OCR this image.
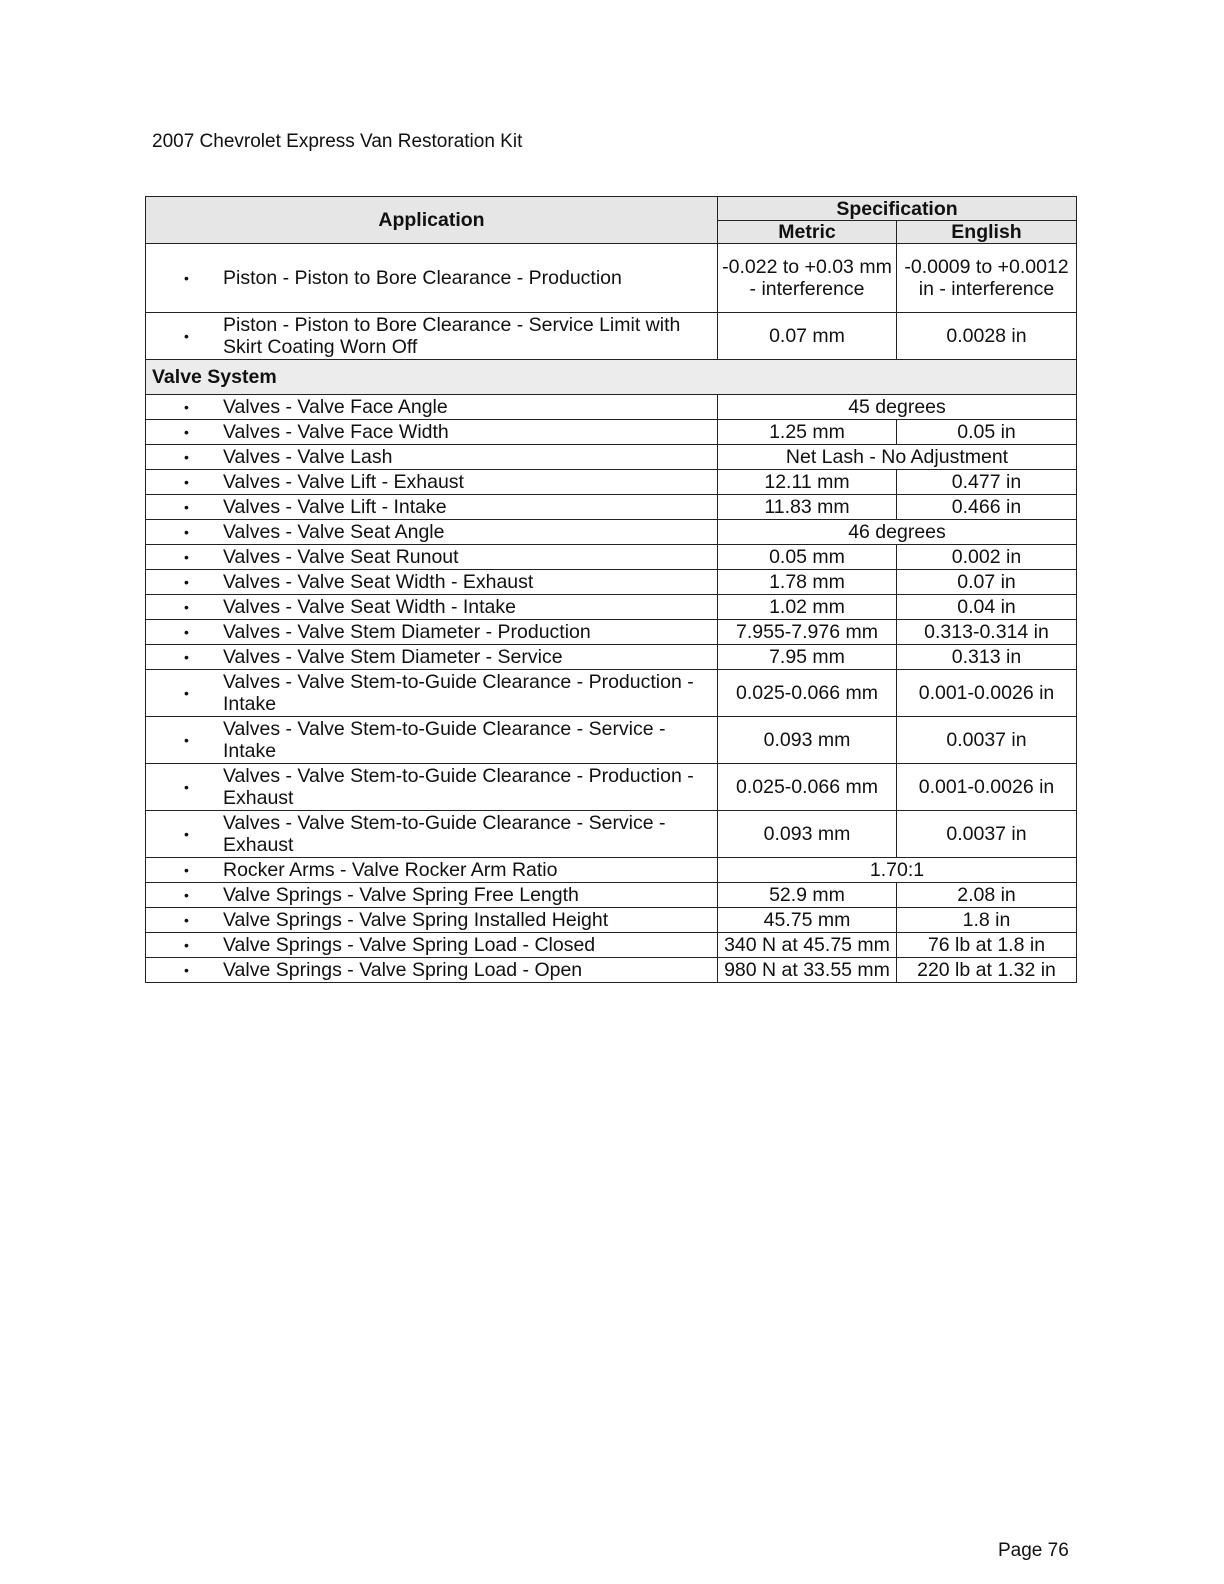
2007 Chevrolet Express Van Restoration Kit
Application	Specification	
	Metric	English

• Piston - Piston to Bore Clearance - Production	-0.022 to +0.03 mm - interference	-0.0009 to +0.0012 in - interference

• Piston - Piston to Bore Clearance - Service Limit with Skirt Coating Worn Off	0.07 mm	0.0028 in
Valve System		

• Valves - Valve Face Angle	45 degrees	

• Valves - Valve Face Width	1.25 mm	0.05 in

• Valves - Valve Lash	Net Lash - No Adjustment	

• Valves - Valve Lift - Exhaust	12.11 mm	0.477 in

• Valves - Valve Lift - Intake	11.83 mm	0.466 in

• Valves - Valve Seat Angle	46 degrees	

• Valves - Valve Seat Runout	0.05 mm	0.002 in

• Valves - Valve Seat Width - Exhaust	1.78 mm	0.07 in

• Valves - Valve Seat Width - Intake	1.02 mm	0.04 in

• Valves - Valve Stem Diameter - Production	7.955-7.976 mm	0.313-0.314 in

• Valves - Valve Stem Diameter - Service	7.95 mm	0.313 in

• Valves - Valve Stem-to-Guide Clearance - Production - Intake	0.025-0.066 mm	0.001-0.0026 in

• Valves - Valve Stem-to-Guide Clearance - Service - Intake	0.093 mm	0.0037 in

• Valves - Valve Stem-to-Guide Clearance - Production - Exhaust	0.025-0.066 mm	0.001-0.0026 in

• Valves - Valve Stem-to-Guide Clearance - Service - Exhaust	0.093 mm	0.0037 in

• Rocker Arms - Valve Rocker Arm Ratio	1.70:1	

• Valve Springs - Valve Spring Free Length	52.9 mm	2.08 in

• Valve Springs - Valve Spring Installed Height	45.75 mm	1.8 in

• Valve Springs - Valve Spring Load - Closed	340 N at 45.75 mm	76 lb at 1.8 in

• Valve Springs - Valve Spring Load - Open	980 N at 33.55 mm	220 lb at 1.32 in
Page 76
